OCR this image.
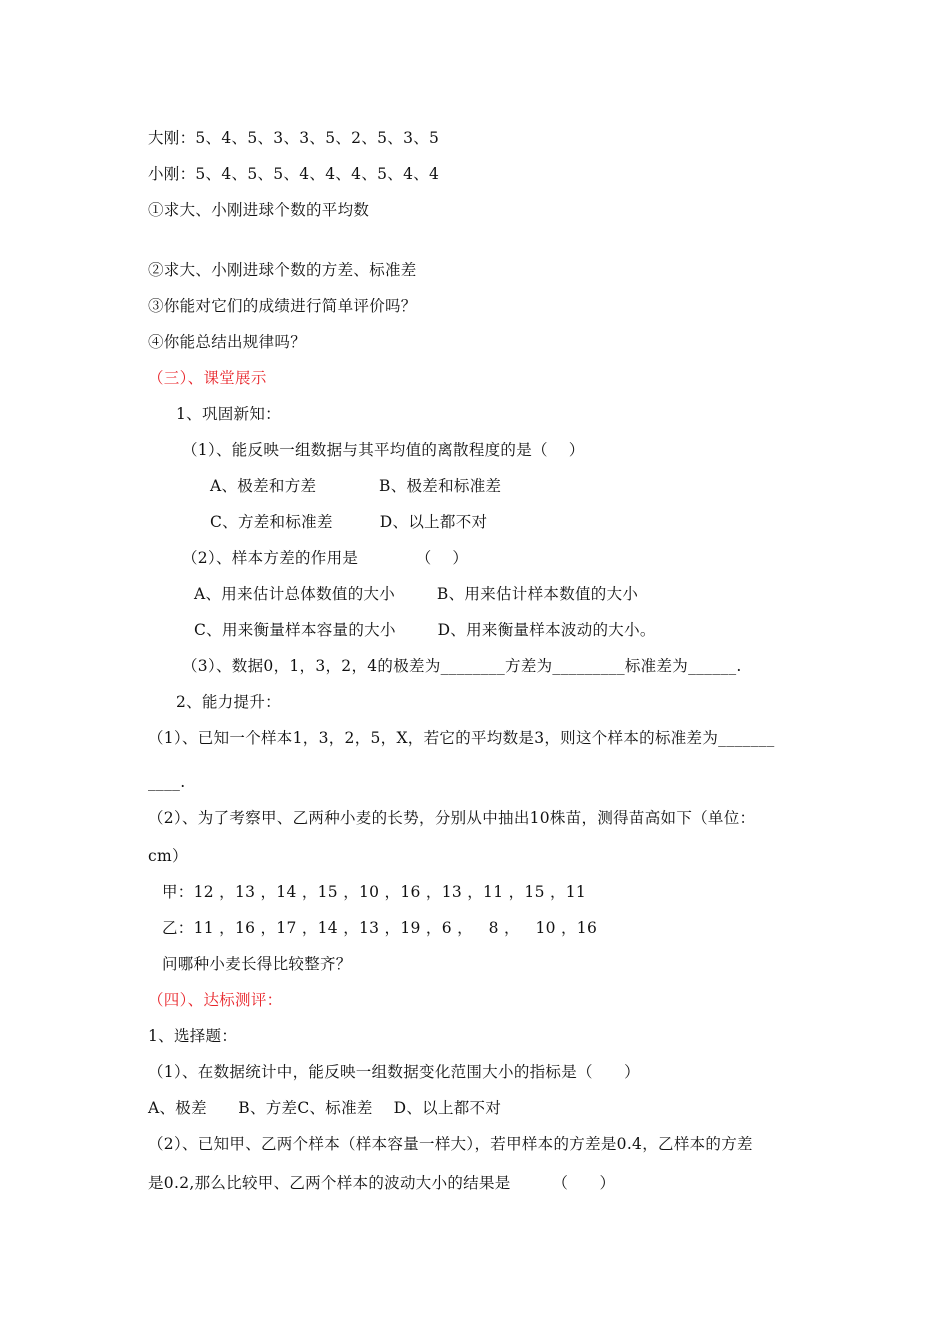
大刚：5、4、5、3、3、5、2、5、3、5
小刚：5、4、5、5、4、4、4、5、4、4
①求大、小刚进球个数的平均数
②求大、小刚进球个数的方差、标准差
③你能对它们的成绩进行简单评价吗？
④你能总结出规律吗？
（三）、课堂展示
1、巩固新知：
（1）、能反映一组数据与其平均值的离散程度的是（    ）
A、极差和方差            B、极差和标准差
C、方差和标准差         D、以上都不对
（2）、样本方差的作用是           （    ）
A、用来估计总体数值的大小        B、用来估计样本数值的大小
C、用来衡量样本容量的大小        D、用来衡量样本波动的大小。
（3）、数据0，1，3，2，4的极差为________方差为_________标准差为______.
2、能力提升：
（1）、已知一个样本1，3，2，5，X，若它的平均数是3，则这个样本的标准差为_______
____.
（2）、为了考察甲、乙两种小麦的长势，分别从中抽出10株苗，测得苗高如下（单位：
cm）
甲：12 ，13 ，14 ，15 ，10 ，16 ，13 ，11 ，15 ，11
乙：11 ，16 ，17 ，14 ，13 ，19 ，6 ，   8 ，   10 ，16
问哪种小麦长得比较整齐？
（四）、达标测评：
1、选择题：
（1）、在数据统计中，能反映一组数据变化范围大小的指标是（      ）
A、极差      B、方差C、标准差    D、以上都不对
（2）、已知甲、乙两个样本（样本容量一样大），若甲样本的方差是0.4，乙样本的方差
是0.2,那么比较甲、乙两个样本的波动大小的结果是        （      ）
